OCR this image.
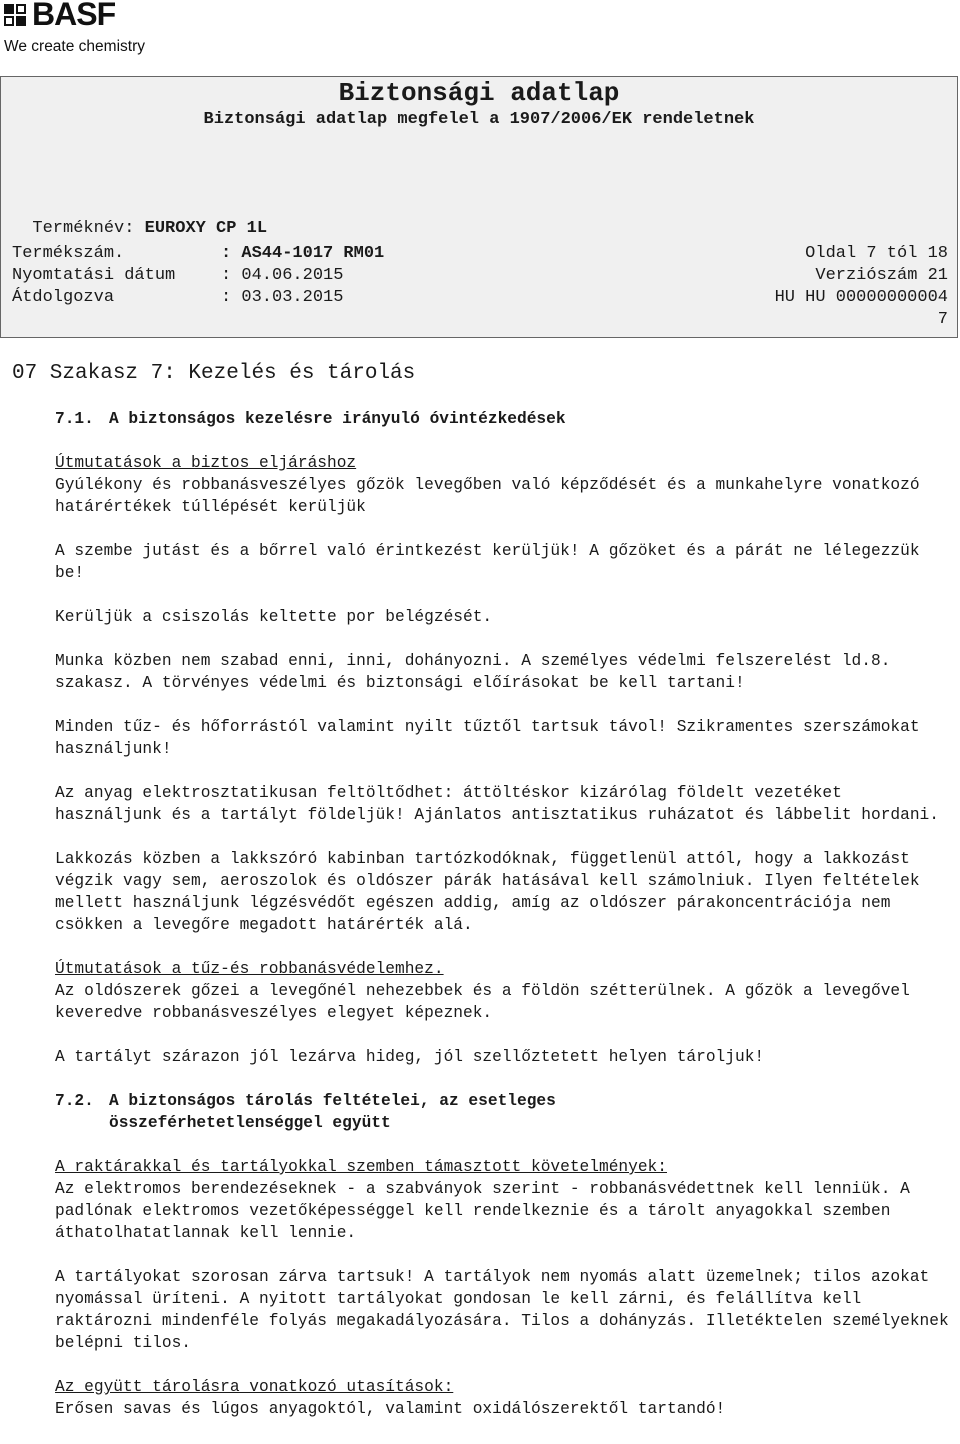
BASF
We create chemistry
Biztonsági adatlap
Biztonsági adatlap megfelel a 1907/2006/EK rendeletnek

Terméknév: EUROXY CP 1L

Termékszám.	: AS44-1017 RM01	Oldal 7 tól 18
Nyomtatási dátum	: 04.06.2015	Verziószám 21
Átdolgozva	: 03.03.2015	HU HU 00000000004
7
07 Szakasz 7: Kezelés és tárolás
7.1. A biztonságos kezelésre irányuló óvintézkedések
Útmutatások a biztos eljáráshoz
Gyúlékony és robbanásveszélyes gőzök levegőben való képződését és a munkahelyre vonatkozó határértékek túllépését kerüljük
A szembe jutást és a bőrrel való érintkezést kerüljük! A gőzöket és a párát ne lélegezzük be!
Kerüljük a csiszolás keltette por belégzését.
Munka közben nem szabad enni, inni, dohányozni. A személyes védelmi felszerelést ld.8. szakasz. A törvényes védelmi és biztonsági előírásokat be kell tartani!
Minden tűz- és hőforrástól valamint nyilt tűztől tartsuk távol! Szikramentes szerszámokat használjunk!
Az anyag elektrosztatikusan feltöltődhet: áttöltéskor kizárólag földelt vezetéket használjunk és a tartályt földeljük! Ajánlatos antisztatikus ruházatot és lábbelit hordani.
Lakkozás közben a lakkszóró kabinban tartózkodóknak, függetlenül attól, hogy a lakkozást végzik vagy sem, aeroszolok és oldószer párák hatásával kell számolniuk. Ilyen feltételek mellett használjunk légzésvédőt egészen addig, amíg az oldószer párakoncentrációja nem csökken a levegőre megadott határérték alá.
Útmutatások a tűz-és robbanásvédelemhez.
Az oldószerek gőzei a levegőnél nehezebbek és a földön szétterülnek. A gőzök a levegővel keveredve robbanásveszélyes elegyet képeznek.
A tartályt szárazon jól lezárva hideg, jól szellőztetett helyen tároljuk!
7.2. A biztonságos tárolás feltételei, az esetleges
összeférhetetlenséggel együtt
A raktárakkal és tartályokkal szemben támasztott követelmények:
Az elektromos berendezéseknek - a szabványok szerint - robbanásvédettnek kell lenniük. A padlónak elektromos vezetőképességgel kell rendelkeznie és a tárolt anyagokkal szemben áthatolhatatlannak kell lennie.
A tartályokat szorosan zárva tartsuk! A tartályok nem nyomás alatt üzemelnek; tilos azokat nyomással üríteni. A nyitott tartályokat gondosan le kell zárni, és felállítva kell raktározni mindenféle folyás megakadályozására. Tilos a dohányzás. Illetéktelen személyeknek belépni tilos.
Az együtt tárolásra vonatkozó utasítások:
Erősen savas és lúgos anyagoktól, valamint oxidálószerektől tartandó!
